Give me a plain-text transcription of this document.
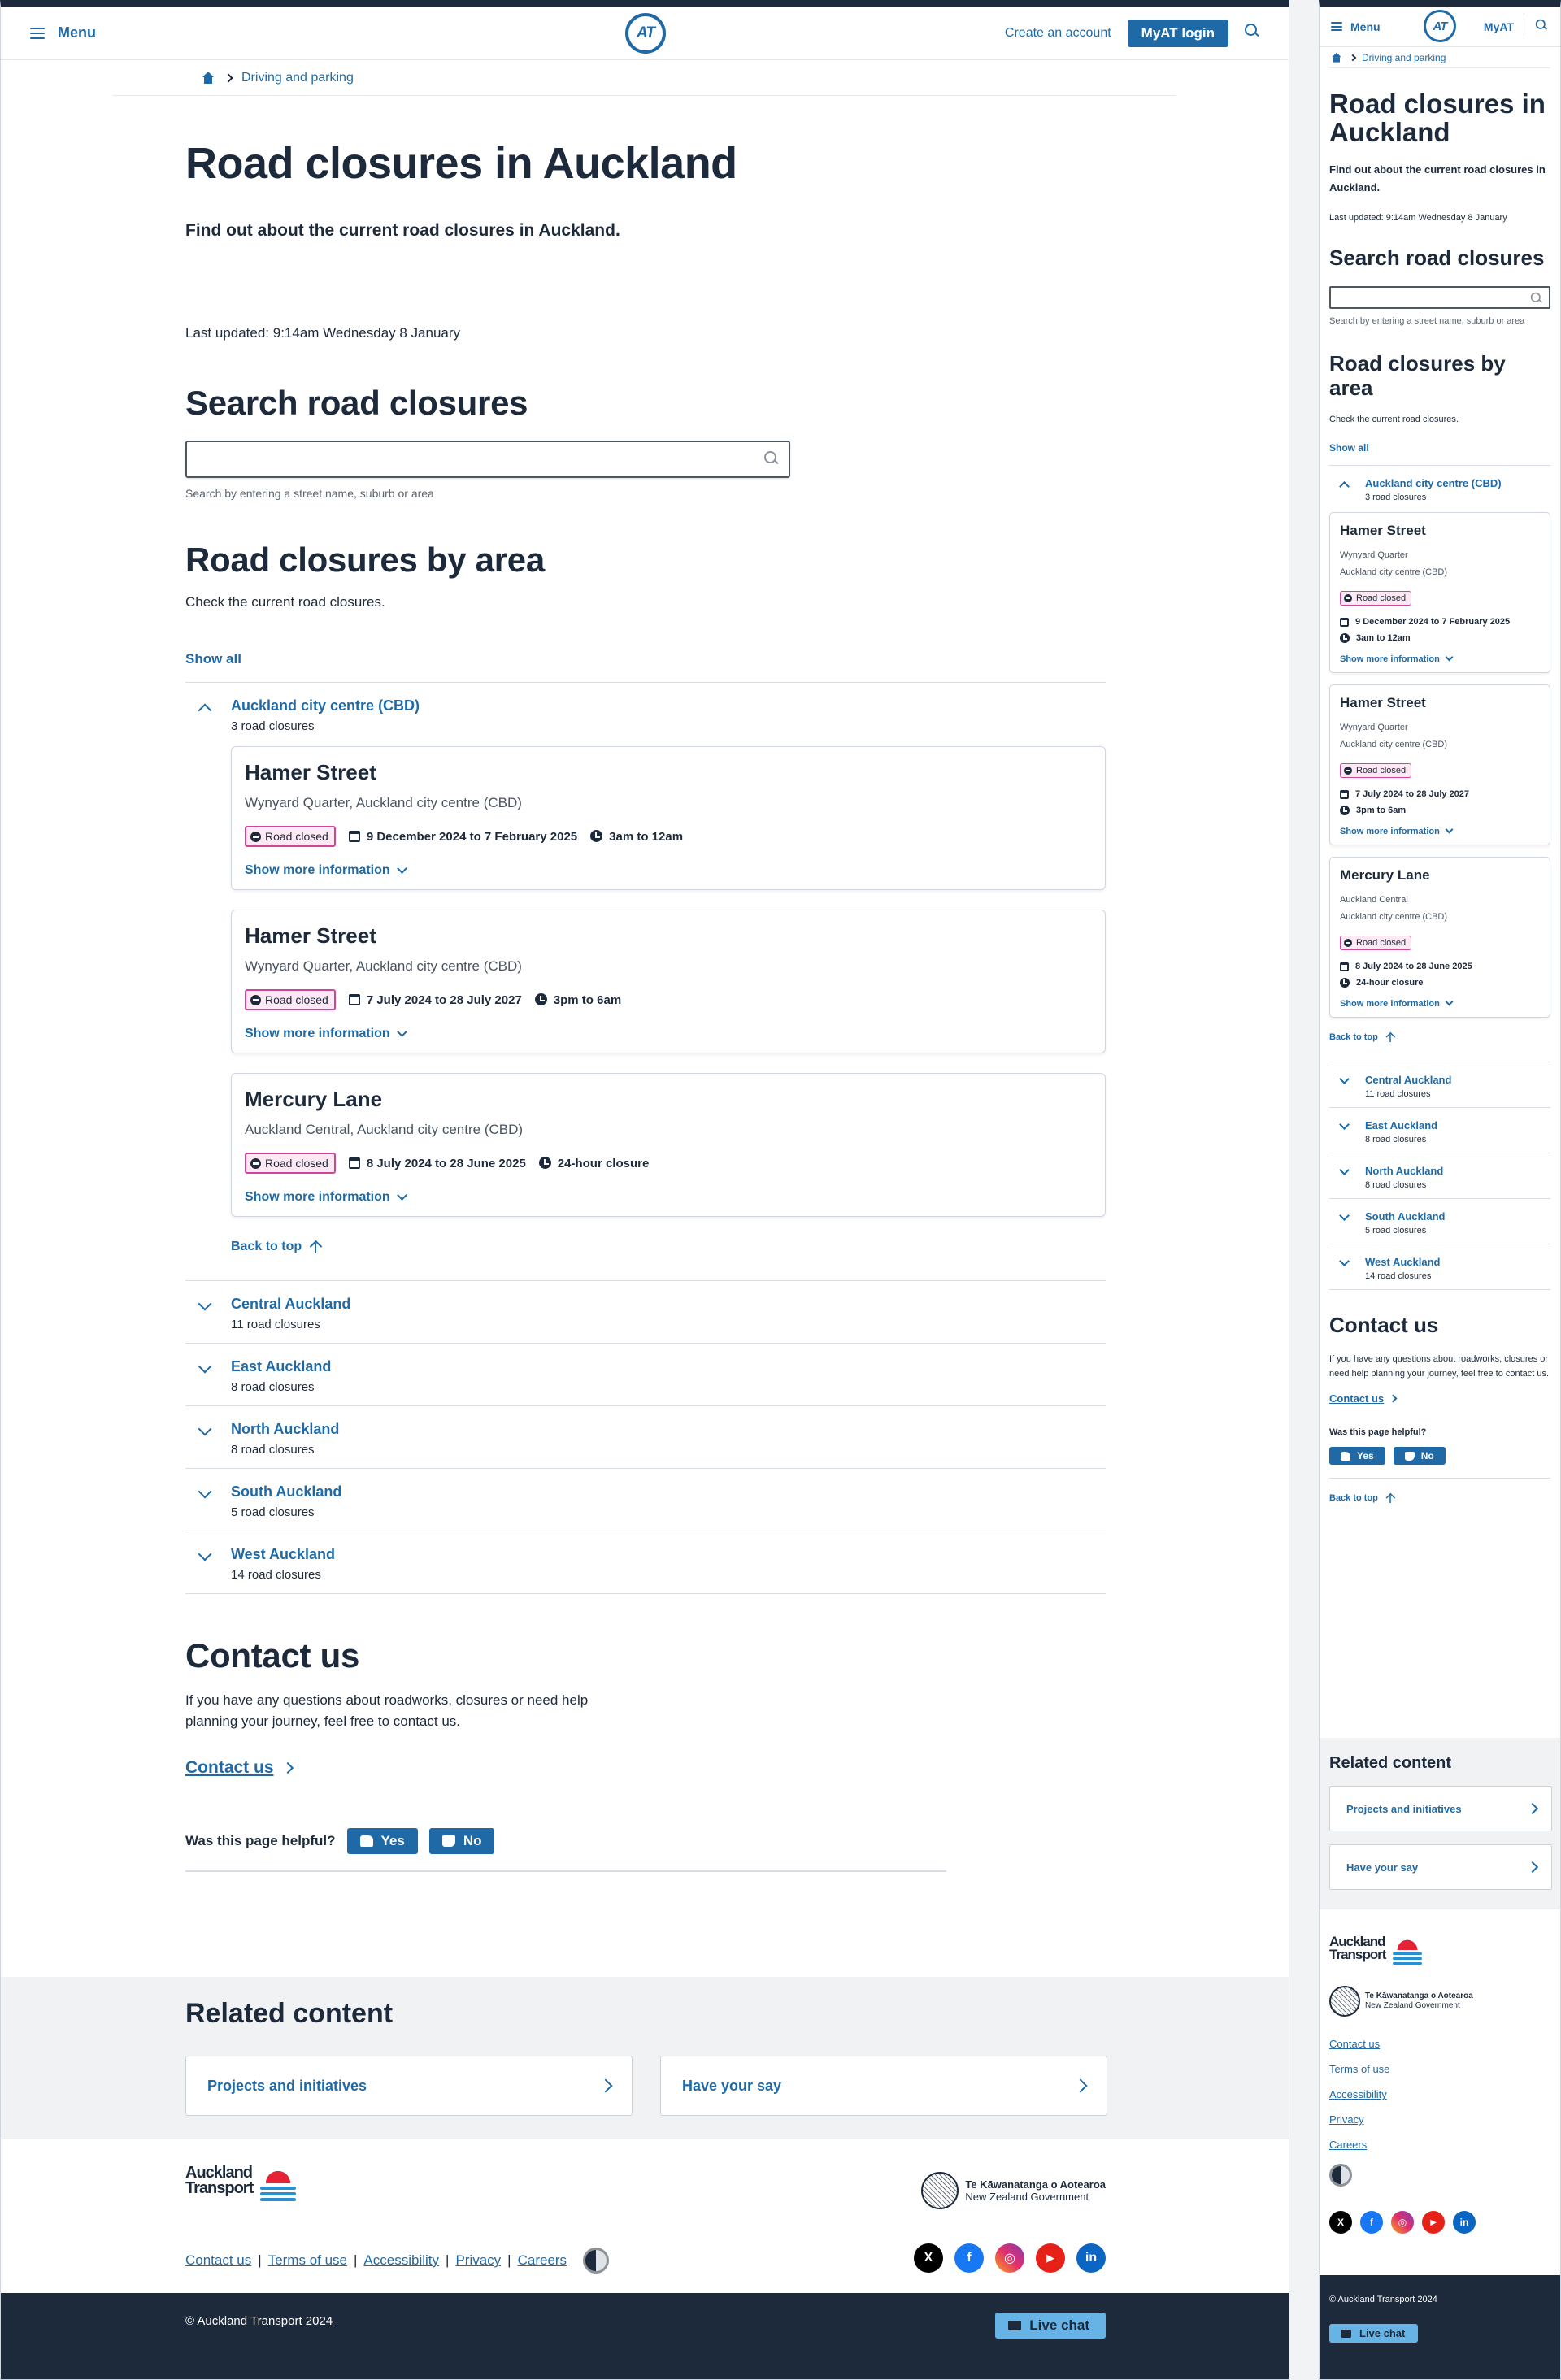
Menu	AT	Create an account	MyAT login
Driving and parking
Road closures in Auckland

Find out about the current road closures in Auckland.

Last updated: 9:14am Wednesday 8 January

Search road closures

Search by entering a street name, suburb or area

Road closures by area

Check the current road closures.

Show all
Auckland city centre (CBD)
3 road closures
Hamer Street
Wynyard Quarter, Auckland city centre (CBD)
Road closed	9 December 2024 to 7 February 2025	3am to 12am
Show more information
Hamer Street
Wynyard Quarter, Auckland city centre (CBD)
Road closed	7 July 2024 to 28 July 2027	3pm to 6am
Show more information
Mercury Lane
Auckland Central, Auckland city centre (CBD)
Road closed	8 July 2024 to 28 June 2025	24-hour closure
Show more information
Back to top
Central Auckland
11 road closures
East Auckland
8 road closures
North Auckland
8 road closures
South Auckland
5 road closures
West Auckland
14 road closures
Contact us

If you have any questions about roadworks, closures or need help planning your journey, feel free to contact us.

Contact us
Was this page helpful?	Yes	No
Related content
Projects and initiatives	Have your say
Auckland
Transport	Te Kāwanatanga o Aotearoa
New Zealand Government
Contact us | Terms of use | Accessibility | Privacy | Careers	X	f	◎	▶	in
© Auckland Transport 2024	Live chat
Menu	AT	MyAT
Driving and parking
Road closures in Auckland

Find out about the current road closures in Auckland.

Last updated: 9:14am Wednesday 8 January

Search road closures

Search by entering a street name, suburb or area

Road closures by area

Check the current road closures.

Show all
Auckland city centre (CBD)
3 road closures
Hamer Street
Wynyard Quarter
Auckland city centre (CBD)
Road closed
9 December 2024 to 7 February 2025
3am to 12am
Show more information
Hamer Street
Wynyard Quarter
Auckland city centre (CBD)
Road closed
7 July 2024 to 28 July 2027
3pm to 6am
Show more information
Mercury Lane
Auckland Central
Auckland city centre (CBD)
Road closed
8 July 2024 to 28 June 2025
24-hour closure
Show more information
Back to top
Central Auckland
11 road closures
East Auckland
8 road closures
North Auckland
8 road closures
South Auckland
5 road closures
West Auckland
14 road closures
Contact us

If you have any questions about roadworks, closures or need help planning your journey, feel free to contact us.

Contact us

Was this page helpful?

Yes	No
Back to top
Related content
Projects and initiatives
Have your say
Auckland
Transport
Te Kāwanatanga o Aotearoa
New Zealand Government
Contact us
Terms of use
Accessibility
Privacy
Careers
X	f	◎	▶	in
© Auckland Transport 2024
Live chat
